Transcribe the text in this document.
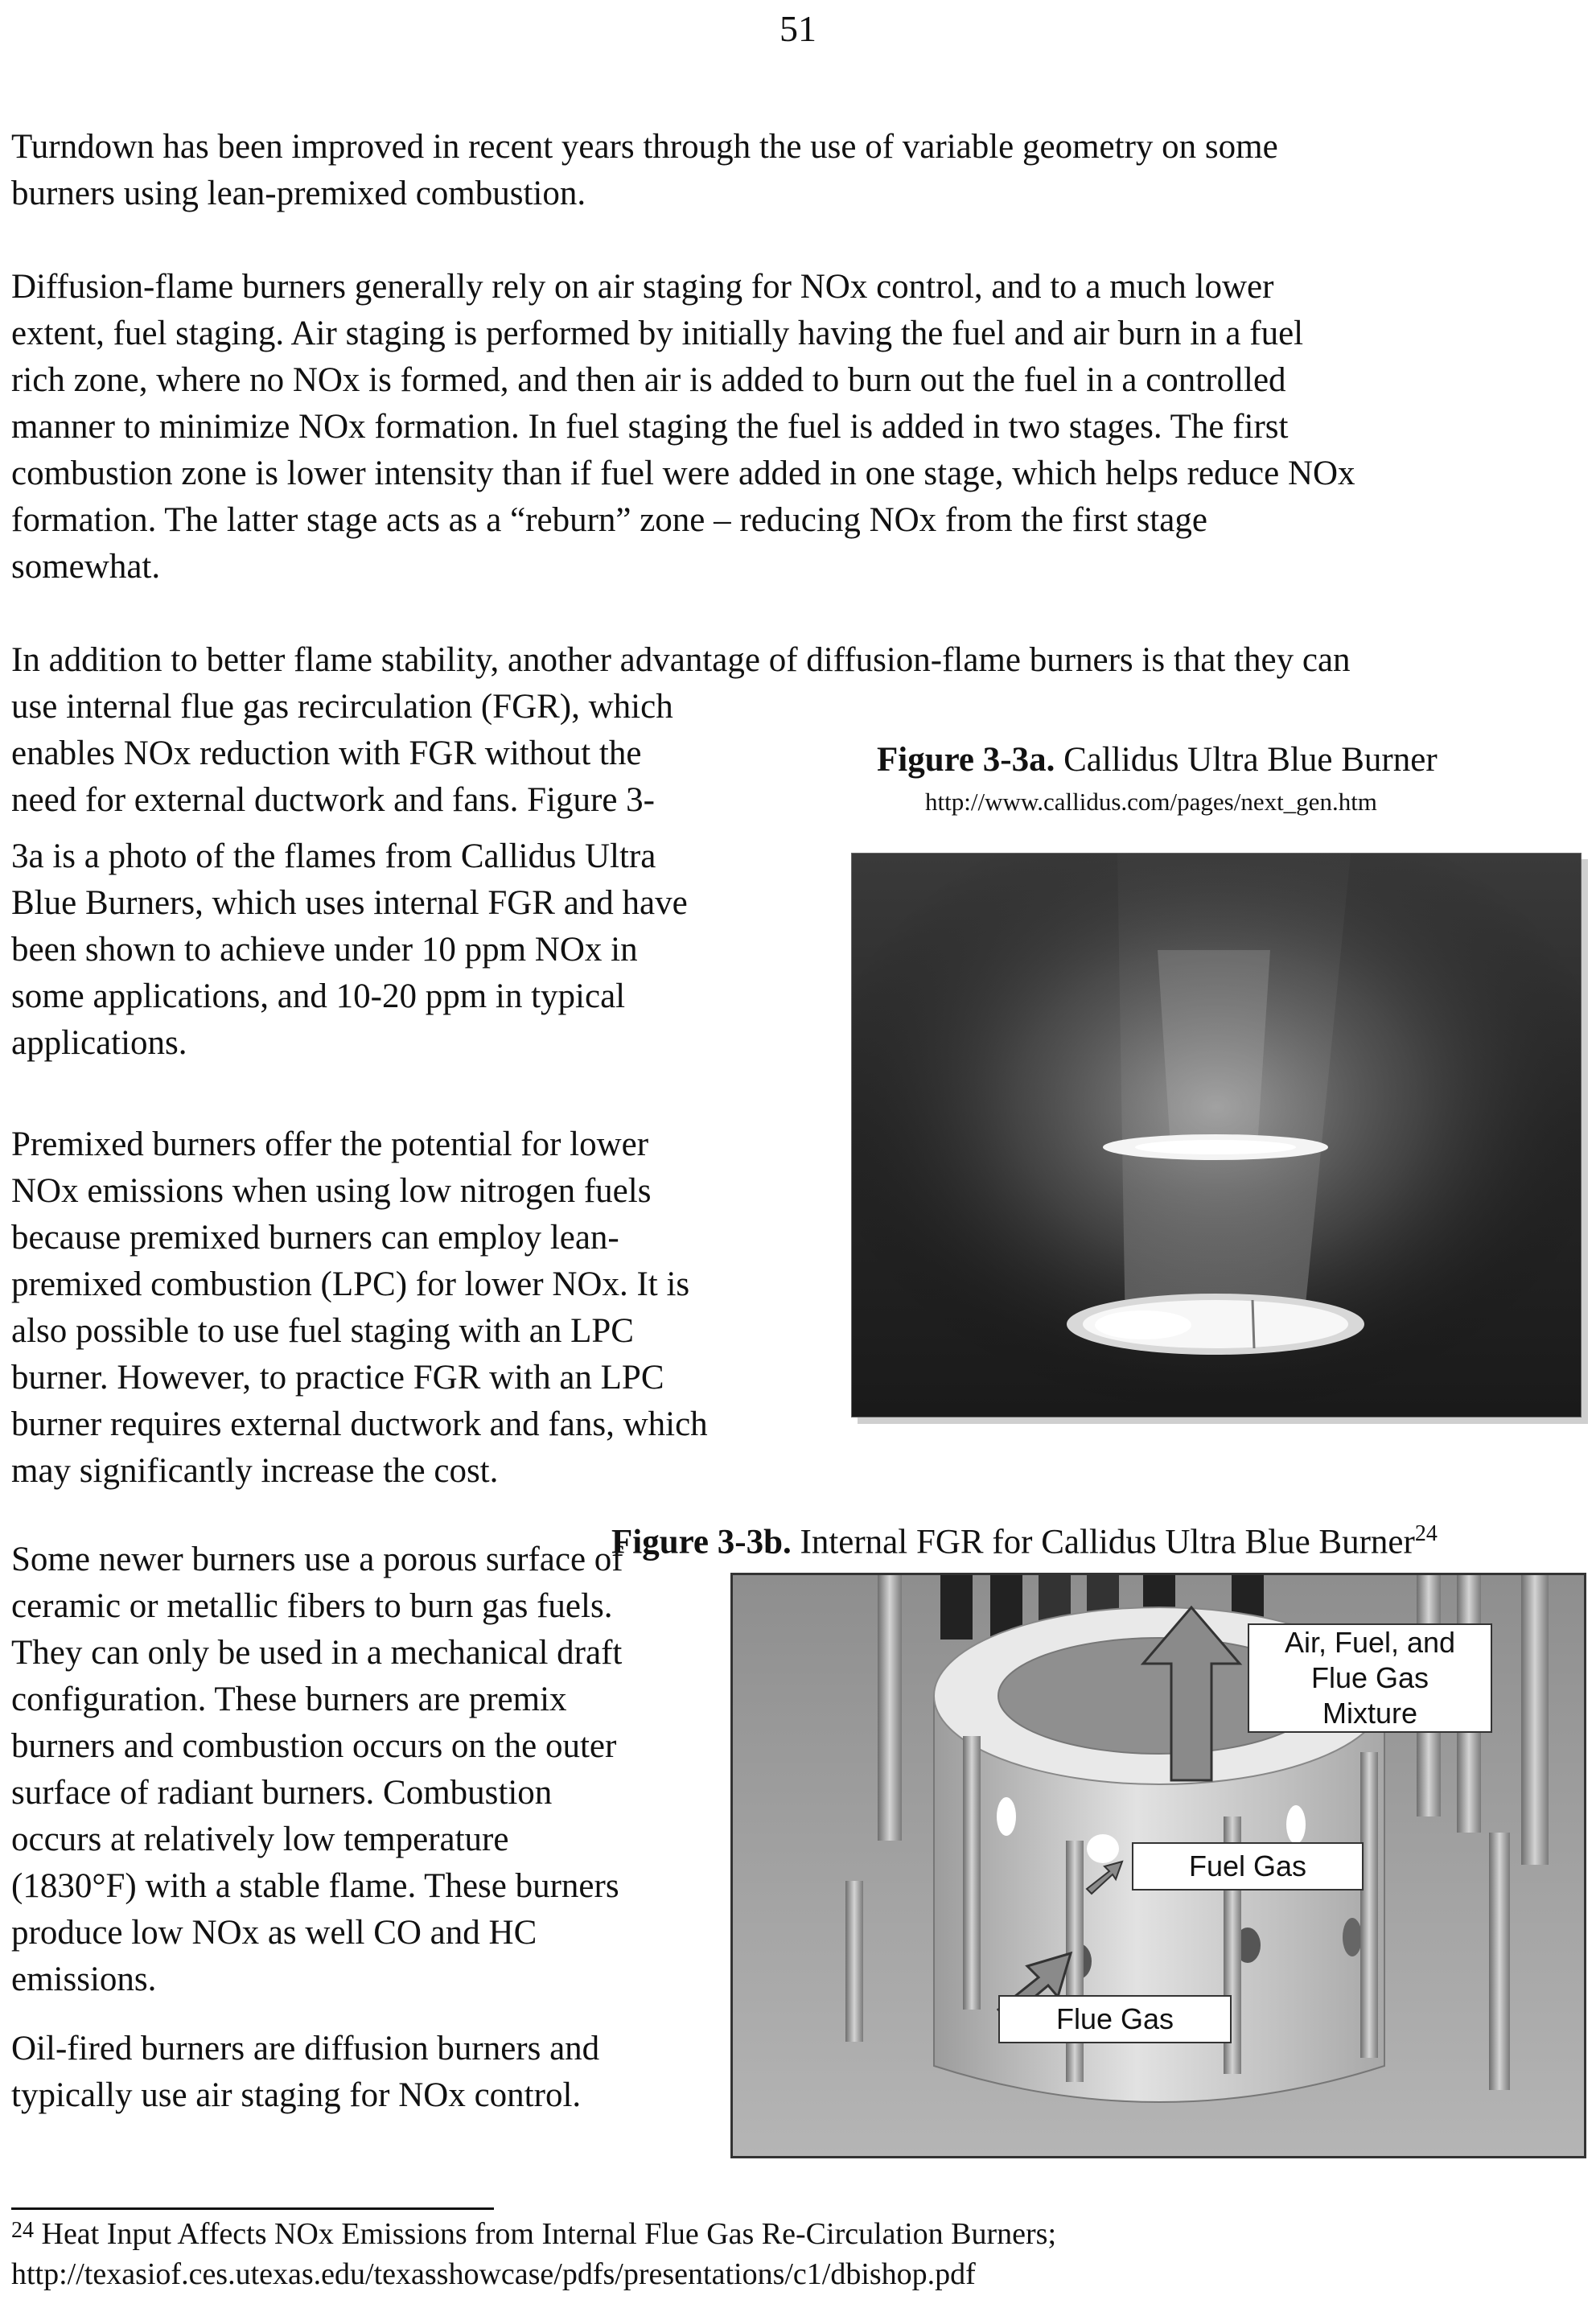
51
Turndown has been improved in recent years through the use of variable geometry on some
burners using lean-premixed combustion.
Diffusion-flame burners generally rely on air staging for NOx control, and to a much lower
extent, fuel staging. Air staging is performed by initially having the fuel and air burn in a fuel
rich zone, where no NOx is formed, and then air is added to burn out the fuel in a controlled
manner to minimize NOx formation. In fuel staging the fuel is added in two stages. The first
combustion zone is lower intensity than if fuel were added in one stage, which helps reduce NOx
formation. The latter stage acts as a “reburn” zone – reducing NOx from the first stage
somewhat.
In addition to better flame stability, another advantage of diffusion-flame burners is that they can
use internal flue gas recirculation (FGR), which
enables NOx reduction with FGR without the
need for external ductwork and fans. Figure 3-
3a is a photo of the flames from Callidus Ultra
Blue Burners, which uses internal FGR and have
been shown to achieve under 10 ppm NOx in
some applications, and 10-20 ppm in typical
applications.
Premixed burners offer the potential for lower
NOx emissions when using low nitrogen fuels
because premixed burners can employ lean-
premixed combustion (LPC) for lower NOx. It is
also possible to use fuel staging with an LPC
burner. However, to practice FGR with an LPC
burner requires external ductwork and fans, which
may significantly increase the cost.
Some newer burners use a porous surface of
ceramic or metallic fibers to burn gas fuels.
They can only be used in a mechanical draft
configuration. These burners are premix
burners and combustion occurs on the outer
surface of radiant burners. Combustion
occurs at relatively low temperature
(1830°F) with a stable flame. These burners
produce low NOx as well CO and HC
emissions.
Oil-fired burners are diffusion burners and
typically use air staging for NOx control.
Figure 3-3a. Callidus Ultra Blue Burner
http://www.callidus.com/pages/next_gen.htm
Figure 3-3b. Internal FGR for Callidus Ultra Blue Burner$^{24}$
Air, Fuel, and
Flue Gas
Mixture
Fuel Gas
Flue Gas
$^{24}$ Heat Input Affects NOx Emissions from Internal Flue Gas Re-Circulation Burners;
http://texasiof.ces.utexas.edu/texasshowcase/pdfs/presentations/c1/dbishop.pdf
